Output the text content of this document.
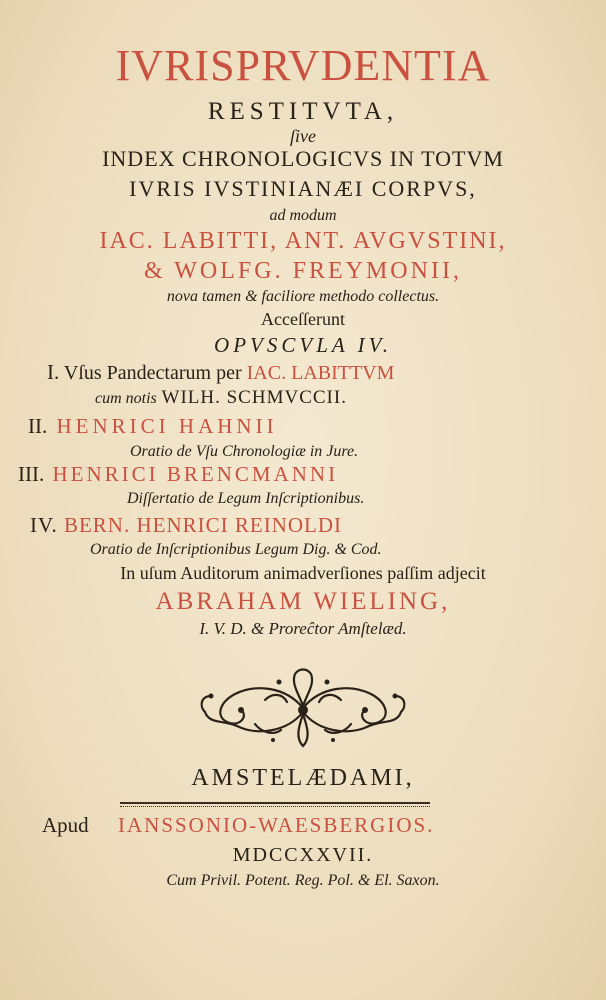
IVRISPRVDENTIA
RESTITVTA,
ſive
INDEX CHRONOLOGICVS IN TOTVM
IVRIS IVSTINIANÆI CORPVS,
ad modum
IAC. LABITTI, ANT. AVGVSTINI,
& WOLFG. FREYMONII,
nova tamen & faciliore methodo collectus.
Acceſſerunt
OPVSCVLA IV.
I. Vſus Pandectarum per IAC. LABITTVM
cum notis WILH. SCHMVCCII.
II. HENRICI HAHNII
Oratio de Vſu Chronologiæ in Jure.
III. HENRICI BRENCMANNI
Diſſertatio de Legum Inſcriptionibus.
IV. BERN. HENRICI REINOLDI
Oratio de Inſcriptionibus Legum Dig. & Cod.
In uſum Auditorum animadverſiones paſſim adjecit
ABRAHAM WIELING,
I. V. D. & Proreĉtor Amſtelæd.
AMSTELÆDAMI,
Apud IANSSONIO-WAESBERGIOS.
MDCCXXVII.
Cum Privil. Potent. Reg. Pol. & El. Saxon.
